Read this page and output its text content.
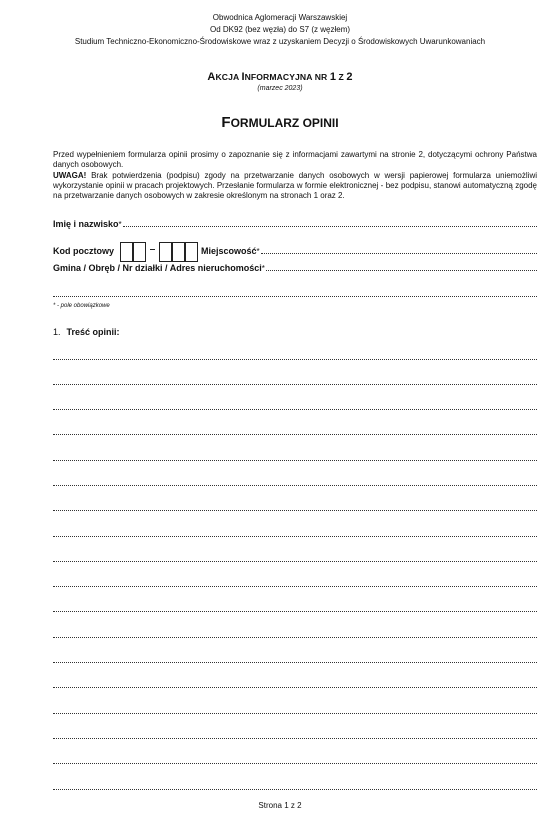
Obwodnica Aglomeracji Warszawskiej
Od DK92 (bez węzła) do S7 (z węzłem)
Studium Techniczno-Ekonomiczno-Środowiskowe wraz z uzyskaniem Decyzji o Środowiskowych Uwarunkowaniach
AKCJA INFORMACYJNA NR 1 Z 2
(marzec 2023)
FORMULARZ OPINII

Przed wypełnieniem formularza opinii prosimy o zapoznanie się z informacjami zawartymi na stronie 2, dotyczącymi ochrony Państwa danych osobowych.

UWAGA! Brak potwierdzenia (podpisu) zgody na przetwarzanie danych osobowych w wersji papierowej formularza uniemożliwi wykorzystanie opinii w pracach projektowych. Przesłanie formularza w formie elektronicznej - bez podpisu, stanowi automatyczną zgodę na przetwarzanie danych osobowych w zakresie określonym na stronach 1 oraz 2.

Imię i nazwisko*
Kod pocztowy	Miejscowość*
Gmina / Obręb / Nr działki / Adres nieruchomości*
* - pole obowiązkowe
1. Treść opinii:
Strona 1 z 2
